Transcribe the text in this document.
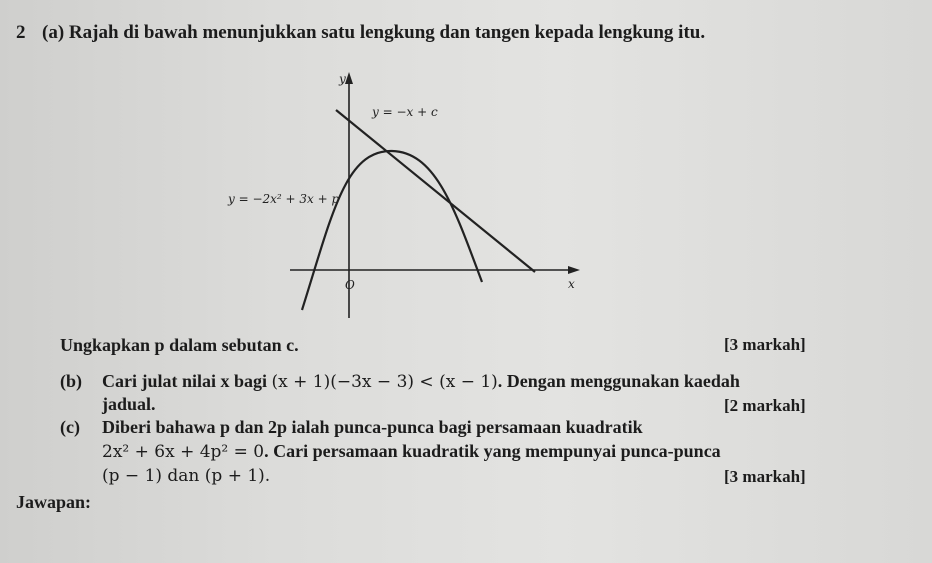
2 (a) Rajah di bawah menunjukkan satu lengkung dan tangen kepada lengkung itu.
y
x
O
y = −x + c
y = −2x² + 3x + p
Ungkapkan p dalam sebutan c.	[3 markah]
(b) Cari julat nilai x bagi (x + 1)(−3x − 3) < (x − 1). Dengan menggunakan kaedah
jadual.	[2 markah]
(c) Diberi bahawa p dan 2p ialah punca-punca bagi persamaan kuadratik
2x² + 6x + 4p² = 0. Cari persamaan kuadratik yang mempunyai punca-punca
(p − 1) dan (p + 1).	[3 markah]
Jawapan:
